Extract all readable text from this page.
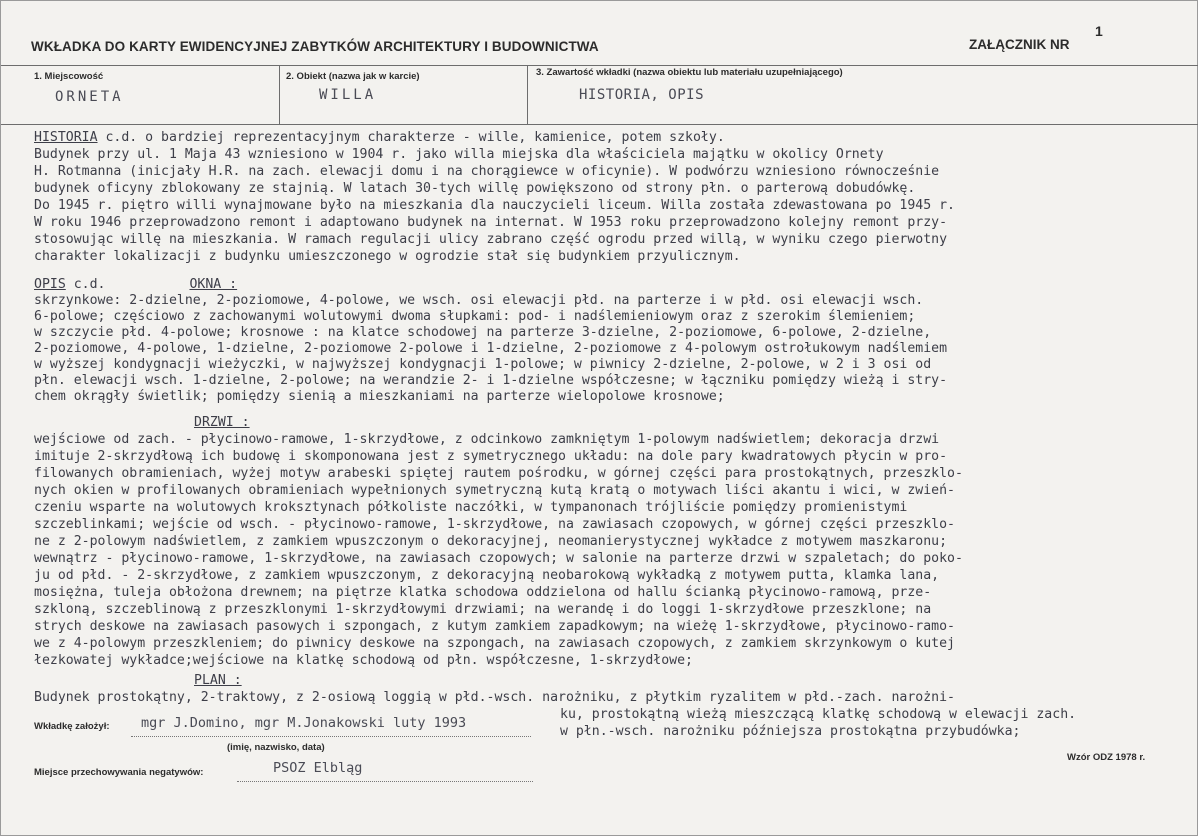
WKŁADKA DO KARTY EWIDENCYJNEJ ZABYTKÓW ARCHITEKTURY I BUDOWNICTWA	ZAŁĄCZNIK NR
1
1. Miejscowość
ORNETA
2. Obiekt (nazwa jak w karcie)
WILLA
3. Zawartość wkładki (nazwa obiektu lub materiału uzupełniającego)
HISTORIA, OPIS
HISTORIA c.d. o bardziej reprezentacyjnym charakterze - wille, kamienice, potem szkoły.
Budynek przy ul. 1 Maja 43 wzniesiono w 1904 r. jako willa miejska dla właściciela majątku w okolicy Ornety
H. Rotmanna (inicjały H.R. na zach. elewacji domu i na chorągiewce w oficynie). W podwórzu wzniesiono równocześnie
budynek oficyny zblokowany ze stajnią. W latach 30-tych willę powiększono od strony płn. o parterową dobudówkę.
Do 1945 r. piętro willi wynajmowane było na mieszkania dla nauczycieli liceum. Willa została zdewastowana po 1945 r.
W roku 1946 przeprowadzono remont i adaptowano budynek na internat. W 1953 roku przeprowadzono kolejny remont przy-
stosowując willę na mieszkania. W ramach regulacji ulicy zabrano część ogrodu przed willą, w wyniku czego pierwotny
charakter lokalizacji z budynku umieszczonego w ogrodzie stał się budynkiem przyulicznym.
OPIS c.d.	OKNA :
skrzynkowe: 2-dzielne, 2-poziomowe, 4-polowe, we wsch. osi elewacji płd. na parterze i w płd. osi elewacji wsch.
6-polowe; częściowo z zachowanymi wolutowymi dwoma słupkami: pod- i nadślemieniowym oraz z szerokim ślemieniem;
w szczycie płd. 4-polowe; krosnowe : na klatce schodowej na parterze 3-dzielne, 2-poziomowe, 6-polowe, 2-dzielne,
2-poziomowe, 4-polowe, 1-dzielne, 2-poziomowe 2-polowe i 1-dzielne, 2-poziomowe z 4-polowym ostrołukowym nadślemiem
w wyższej kondygnacji wieżyczki, w najwyższej kondygnacji 1-polowe; w piwnicy 2-dzielne, 2-polowe, w 2 i 3 osi od
płn. elewacji wsch. 1-dzielne, 2-polowe; na werandzie 2- i 1-dzielne współczesne; w łączniku pomiędzy wieżą i stry-
chem okrągły świetlik; pomiędzy sienią a mieszkaniami na parterze wielopolowe krosnowe;
DRZWI :
wejściowe od zach. - płycinowo-ramowe, 1-skrzydłowe, z odcinkowo zamkniętym 1-polowym nadświetlem; dekoracja drzwi
imituje 2-skrzydłową ich budowę i skomponowana jest z symetrycznego układu: na dole pary kwadratowych płycin w pro-
filowanych obramieniach, wyżej motyw arabeski spiętej rautem pośrodku, w górnej części para prostokątnych, przeszklo-
nych okien w profilowanych obramieniach wypełnionych symetryczną kutą kratą o motywach liści akantu i wici, w zwień-
czeniu wsparte na wolutowych kroksztynach półkoliste naczółki, w tympanonach trójliście pomiędzy promienistymi
szczeblinkami; wejście od wsch. - płycinowo-ramowe, 1-skrzydłowe, na zawiasach czopowych, w górnej części przeszklo-
ne z 2-polowym nadświetlem, z zamkiem wpuszczonym o dekoracyjnej, neomanierystycznej wykładce z motywem maszkaronu;
wewnątrz - płycinowo-ramowe, 1-skrzydłowe, na zawiasach czopowych; w salonie na parterze drzwi w szpaletach; do poko-
ju od płd. - 2-skrzydłowe, z zamkiem wpuszczonym, z dekoracyjną neobarokową wykładką z motywem putta, klamka lana,
mosiężna, tuleja obłożona drewnem; na piętrze klatka schodowa oddzielona od hallu ścianką płycinowo-ramową, prze-
szkloną, szczeblinową z przeszklonymi 1-skrzydłowymi drzwiami; na werandę i do loggi 1-skrzydłowe przeszklone; na
strych deskowe na zawiasach pasowych i szpongach, z kutym zamkiem zapadkowym; na wieżę 1-skrzydłowe, płycinowo-ramo-
we z 4-polowym przeszkleniem; do piwnicy deskowe na szpongach, na zawiasach czopowych, z zamkiem skrzynkowym o kutej
łezkowatej wykładce;wejściowe na klatkę schodową od płn. współczesne, 1-skrzydłowe;
PLAN :
Budynek prostokątny, 2-traktowy, z 2-osiową loggią w płd.-wsch. narożniku, z płytkim ryzalitem w płd.-zach. narożni-
ku, prostokątną wieżą mieszczącą klatkę schodową w elewacji zach.
w płn.-wsch. narożniku późniejsza prostokątna przybudówka;
Wkładkę założył: mgr J.Domino, mgr M.Jonakowski luty 1993
(imię, nazwisko, data)
Miejsce przechowywania negatywów:	PSOZ Elbląg
Wzór ODZ 1978 r.
